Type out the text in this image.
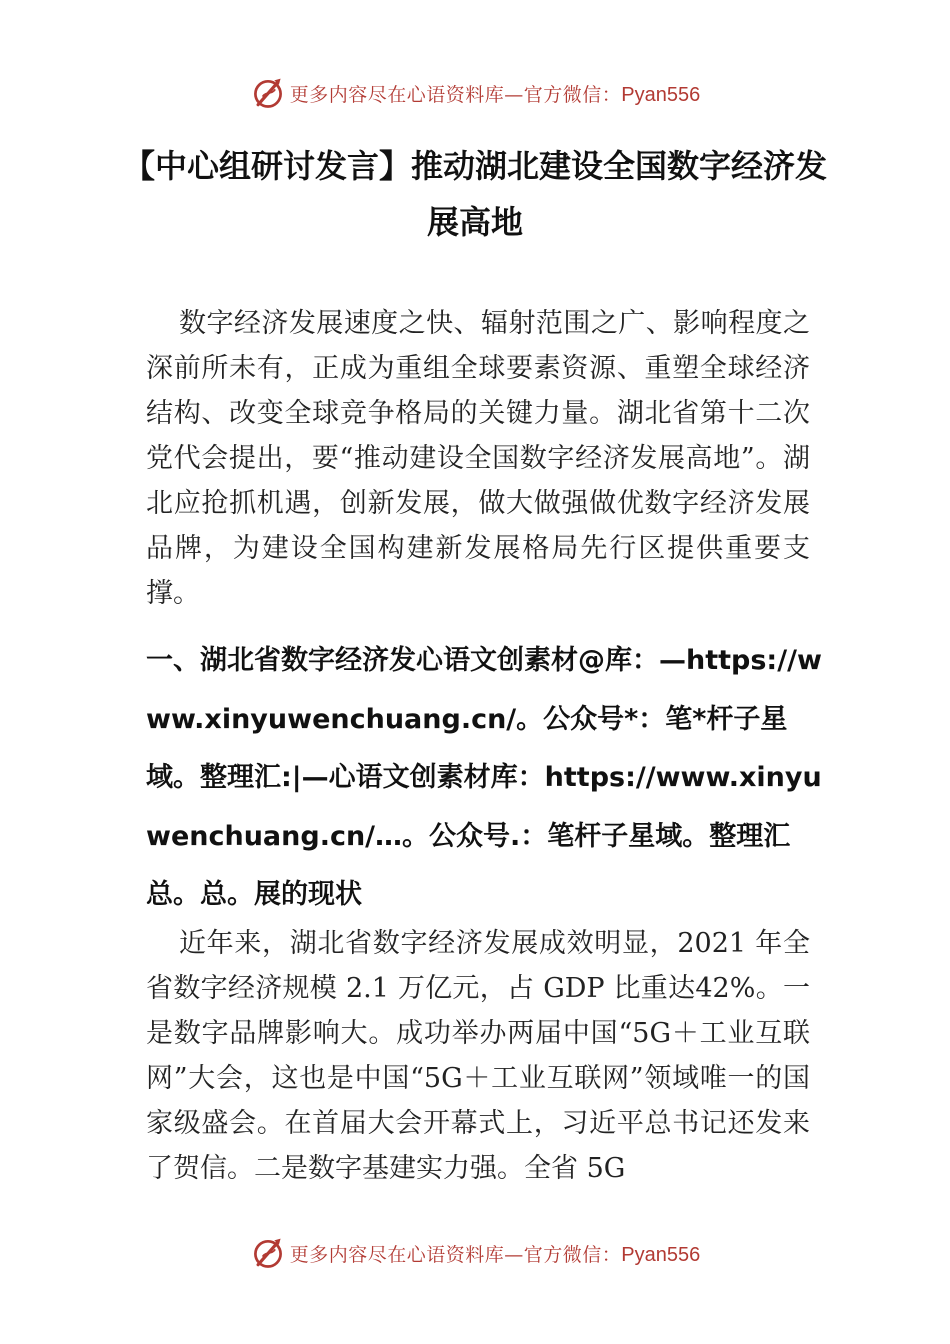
更多内容尽在心语资料库—官方微信：Pyan556
【中心组研讨发言】推动湖北建设全国数字经济发展高地

数字经济发展速度之快、辐射范围之广、影响程度之深前所未有，正成为重组全球要素资源、重塑全球经济结构、改变全球竞争格局的关键力量。湖北省第十二次党代会提出，要“推动建设全国数字经济发展高地”。湖北应抢抓机遇，创新发展，做大做强做优数字经济发展品牌，为建设全国构建新发展格局先行区提供重要支撑。

一、湖北省数字经济发心语文创素材@库：—https://www.xinyuwenchuang.cn/。公众号*：笔*杆子星域。整理汇:|—心语文创素材库：https://www.xinyuwenchuang.cn/…。公众号.：笔杆子星域。整理汇总。总。展的现状

近年来，湖北省数字经济发展成效明显，2021 年全省数字经济规模 2.1 万亿元，占 GDP 比重达42%。一是数字品牌影响大。成功举办两届中国“5G＋工业互联网”大会，这也是中国“5G＋工业互联网”领域唯一的国家级盛会。在首届大会开幕式上，习近平总书记还发来了贺信。二是数字基建实力强。全省 5G

更多内容尽在心语资料库—官方微信：Pyan556
